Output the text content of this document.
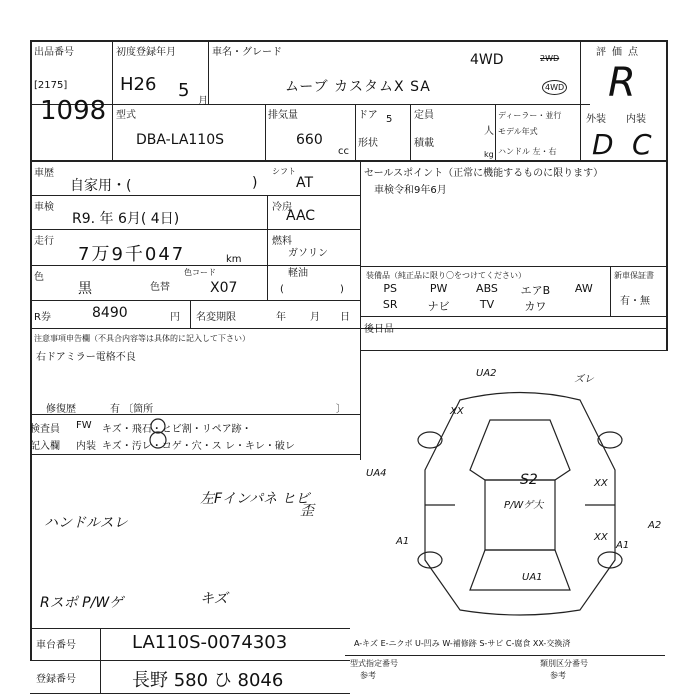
出品番号
[2175]
1098
初度登録年月
H26 5
月
車名・グレード	4WD	2WD
4WD
ムーブ カスタムX SA
評価点
R
型式
DBA-LA110S
排気量
660
cc
ドア 5
形状
定員
人
積載
kg
ディーラー・並行
モデル年式
ハンドル 左・右
外装 内装
D C
車歴
自家用・(	)
シフト
AT
車検
R9. 年 6月( 4日)
冷房
AAC
走行
7万9千047	km
燃料
ガソリン
軽油
(	)
色
黒	色替
色コード
X07
R券	8490	円 名変期限	年 月 日
セールスポイント（正常に機能するものに限ります）
車検令和9年6月
装備品（純正品に限り〇をつけてください）	新車保証書
PS	PW	ABS	エアB	AW
SR	ナビ	TV	カワ	有・無
後日品
注意事項申告欄（不具合内容等は具体的に記入して下さい）
右ドアミラー電格不良
修復歴	有 〔箇所	〕
検査員
記入欄
FW キズ・飛石・ヒビ割・リペア跡・
内装 キズ・汚レ・コゲ・穴・ス レ・キレ・破レ
左Fインパネ ヒビ
歪
ハンドルスレ
Rスポ P/Wゲ	キズ
UA2
ズレ
XX
UA4
A1	A1
UA1
XX
XX
A2
S2
P/Wゲ大
A-キズ E-ニクボ U-凹み W-補修跡 S-サビ C-腐食 XX-交換済
車台番号	LA110S-0074303
登録番号	長野 580 ひ 8046
型式指定番号
参考
類別区分番号
参考
